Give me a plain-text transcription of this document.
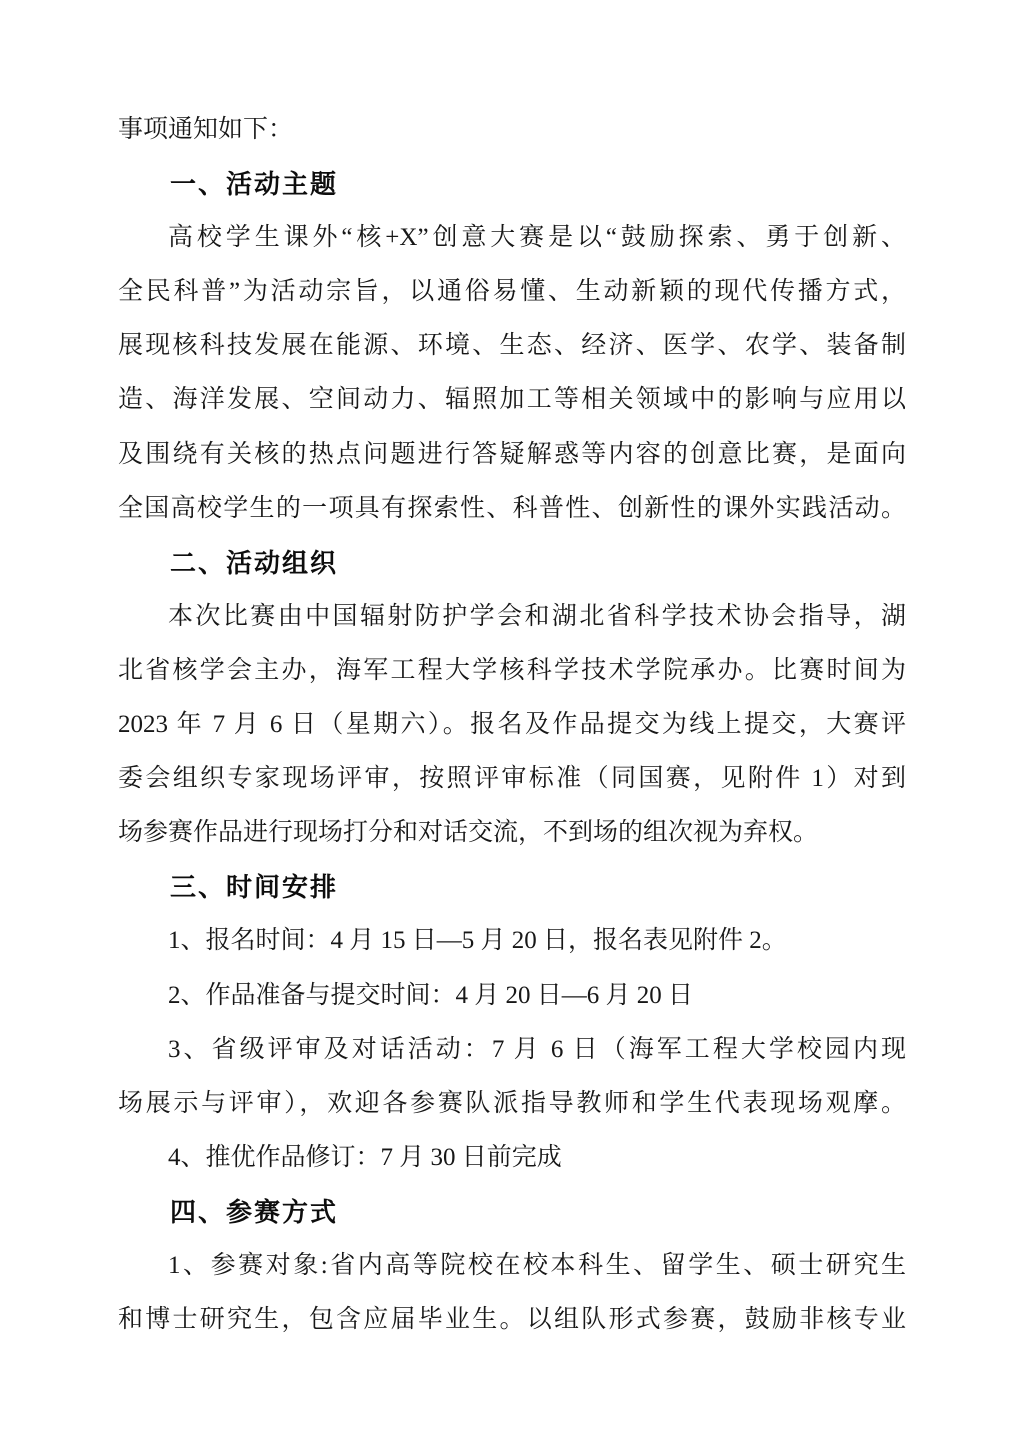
事项通知如下：
一、活动主题
高校学生课外“核+X”创意大赛是以“鼓励探索、勇于创新、
全民科普”为活动宗旨，以通俗易懂、生动新颖的现代传播方式，
展现核科技发展在能源、环境、生态、经济、医学、农学、装备制
造、海洋发展、空间动力、辐照加工等相关领域中的影响与应用以
及围绕有关核的热点问题进行答疑解惑等内容的创意比赛，是面向
全国高校学生的一项具有探索性、科普性、创新性的课外实践活动。
二、活动组织
本次比赛由中国辐射防护学会和湖北省科学技术协会指导，湖
北省核学会主办，海军工程大学核科学技术学院承办。比赛时间为
2023 年 7 月 6 日（星期六）。报名及作品提交为线上提交，大赛评
委会组织专家现场评审，按照评审标准（同国赛，见附件 1）对到
场参赛作品进行现场打分和对话交流，不到场的组次视为弃权。
三、时间安排
1、报名时间：4 月 15 日—5 月 20 日，报名表见附件 2。
2、作品准备与提交时间：4 月 20 日—6 月 20 日
3、省级评审及对话活动：7 月 6 日（海军工程大学校园内现
场展示与评审），欢迎各参赛队派指导教师和学生代表现场观摩。
4、推优作品修订：7 月 30 日前完成
四、参赛方式
1、参赛对象:省内高等院校在校本科生、留学生、硕士研究生
和博士研究生，包含应届毕业生。以组队形式参赛，鼓励非核专业
